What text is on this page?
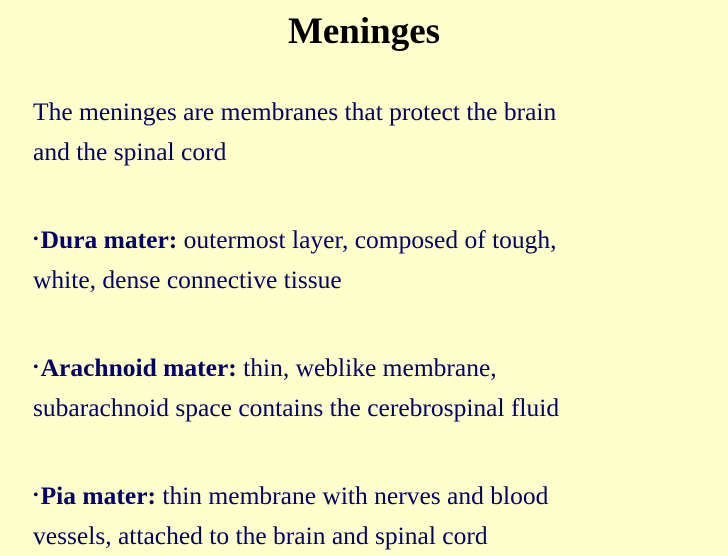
Meninges
The meninges are membranes that protect the brain
and the spinal cord
•Dura mater: outermost layer, composed of tough,
white, dense connective tissue
•Arachnoid mater: thin, weblike membrane,
subarachnoid space contains the cerebrospinal fluid
•Pia mater: thin membrane with nerves and blood
vessels, attached to the brain and spinal cord
